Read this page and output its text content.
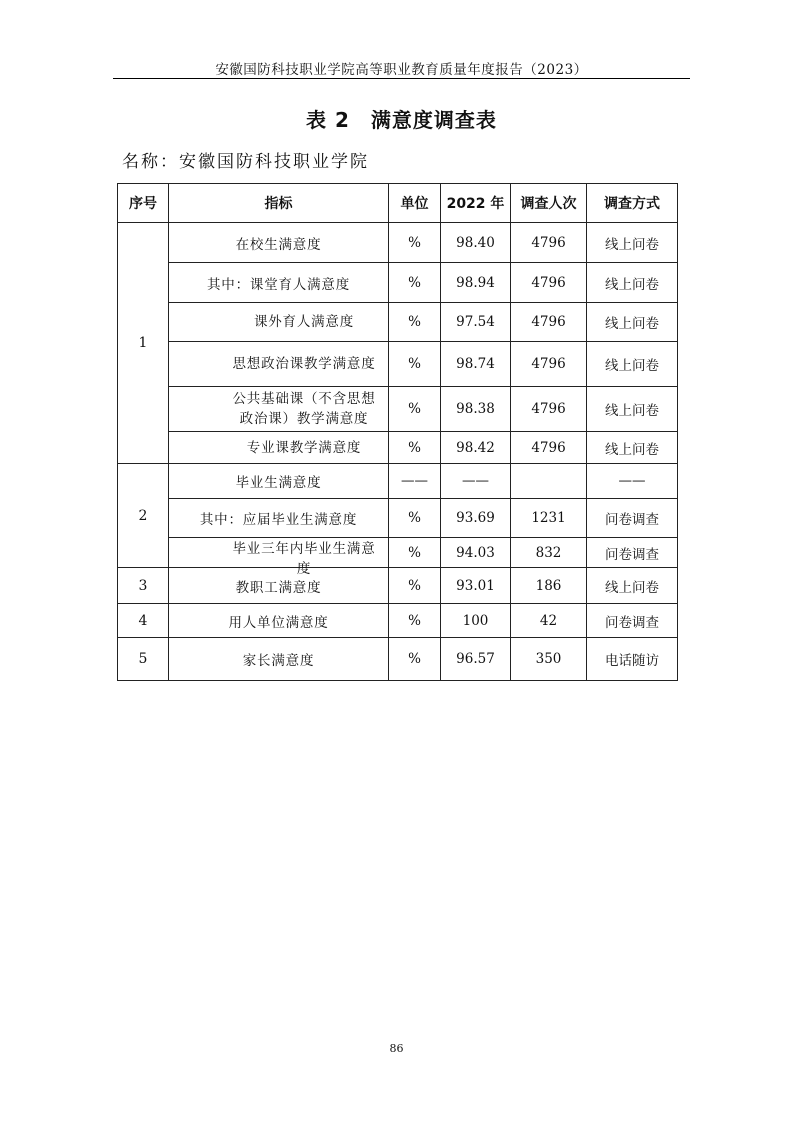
安徽国防科技职业学院高等职业教育质量年度报告（2023）
表 2　满意度调查表
名称：安徽国防科技职业学院
序号	指标	单位	2022 年	调查人次	调查方式
1	在校生满意度	%	98.40	4796	线上问卷
	其中：课堂育人满意度	%	98.94	4796	线上问卷
	课外育人满意度	%	97.54	4796	线上问卷
	思想政治课教学满意度	%	98.74	4796	线上问卷
	公共基础课（不含思想政治课）教学满意度	%	98.38	4796	线上问卷
	专业课教学满意度	%	98.42	4796	线上问卷
2	毕业生满意度	——	——		——
	其中：应届毕业生满意度	%	93.69	1231	问卷调查

	毕业三年内毕业生满意度	%	94.03	832	问卷调查
3	教职工满意度	%	93.01	186	线上问卷
4	用人单位满意度	%	100	42	问卷调查
5	家长满意度	%	96.57	350	电话随访
86
